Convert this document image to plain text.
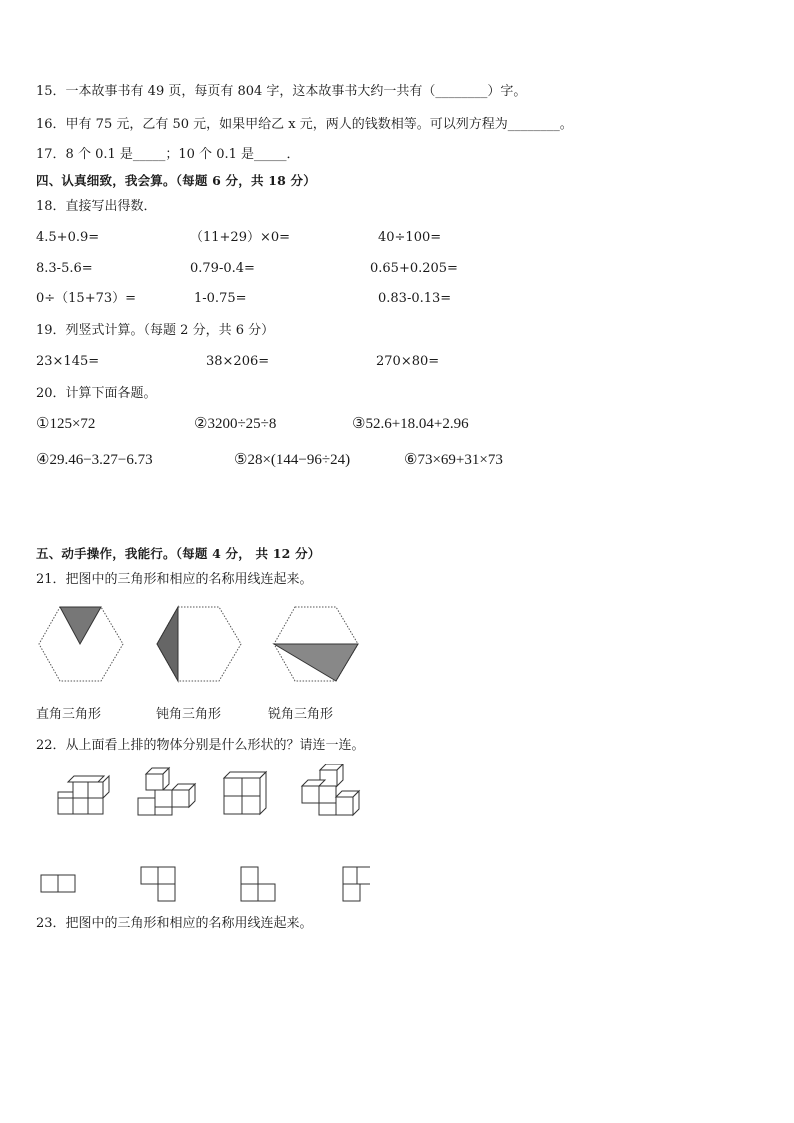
15．一本故事书有 49 页，每页有 804 字，这本故事书大约一共有（________）字。
16．甲有 75 元，乙有 50 元，如果甲给乙 x 元，两人的钱数相等。可以列方程为________。
17．8 个 0.1 是_____；10 个 0.1 是_____．
四、认真细致，我会算。（每题 6 分，共 18 分）
18．直接写出得数．
4.5+0.9=	（11+29）×0=	40÷100=
8.3-5.6=	0.79-0.4=	0.65+0.205=
0÷（15+73）=	1-0.75=	0.83-0.13=
19．列竖式计算。（每题 2 分，共 6 分）
23×145=	38×206=	270×80=
20．计算下面各题。
①125×72	②3200÷25÷8	③52.6+18.04+2.96
④29.46−3.27−6.73	⑤28×(144−96÷24)	⑥73×69+31×73
五、动手操作，我能行。（每题 4 分， 共 12 分）
21．把图中的三角形和相应的名称用线连起来。
直角三角形	钝角三角形	锐角三角形
22．从上面看上排的物体分别是什么形状的？请连一连。
23．把图中的三角形和相应的名称用线连起来。
